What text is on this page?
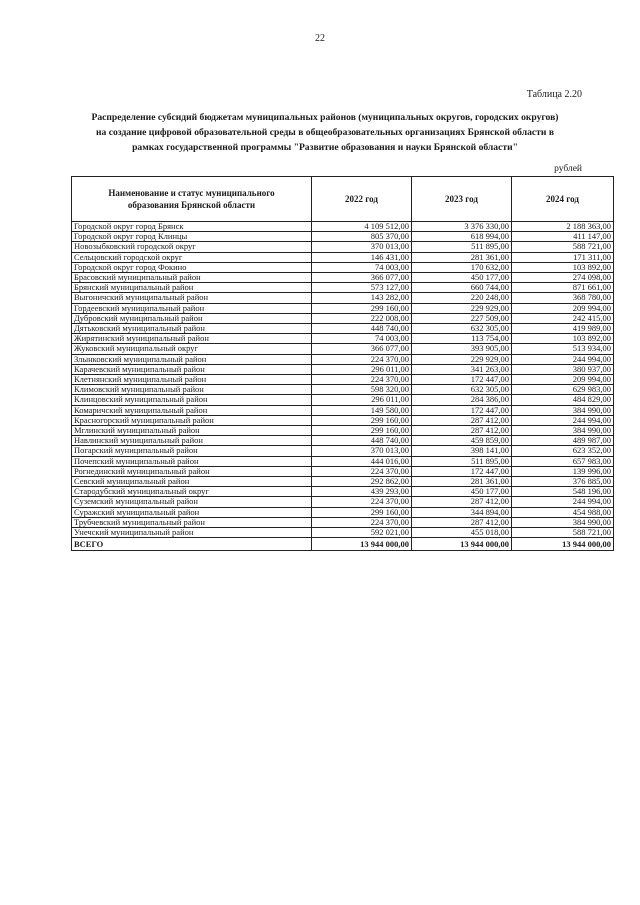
22
Таблица 2.20
Распределение субсидий бюджетам муниципальных районов (муниципальных округов, городских округов)
на создание цифровой образовательной среды в общеобразовательных организациях Брянской области в
рамках государственной программы "Развитие образования и науки Брянской области"
рублей
Наименование и статус муниципального
образования Брянской области	2022 год	2023 год	2024 год
Городской округ город Брянск	4 109 512,00	3 376 330,00	2 188 363,00
Городской округ город Клинцы	805 370,00	618 994,00	411 147,00
Новозыбковский городской округ	370 013,00	511 895,00	588 721,00
Сельцовский городской округ	146 431,00	281 361,00	171 311,00
Городской округ город Фокино	74 003,00	170 632,00	103 892,00
Брасовский муниципальный район	366 077,00	450 177,00	274 098,00
Брянский муниципальный район	573 127,00	660 744,00	871 661,00
Выгоничский муниципальный район	143 282,00	220 248,00	368 780,00
Гордеевский муниципальный район	299 160,00	229 929,00	209 994,00
Дубровский муниципальный район	222 008,00	227 509,00	242 415,00
Дятьковский муниципальный район	448 740,00	632 305,00	419 989,00
Жирятинский муниципальный район	74 003,00	113 754,00	103 892,00
Жуковский муниципальный округ	366 077,00	393 905,00	513 934,00
Злынковский муниципальный район	224 370,00	229 929,00	244 994,00
Карачевский муниципальный район	296 011,00	341 263,00	380 937,00
Клетнянский муниципальный район	224 370,00	172 447,00	209 994,00
Климовский муниципальный район	598 320,00	632 305,00	629 983,00
Клинцовский муниципальный район	296 011,00	284 386,00	484 829,00
Комаричский муниципальный район	149 580,00	172 447,00	384 990,00
Красногорский муниципальный район	299 160,00	287 412,00	244 994,00
Мглинский муниципальный район	299 160,00	287 412,00	384 990,00
Навлинский муниципальный район	448 740,00	459 859,00	489 987,00
Погарский муниципальный район	370 013,00	398 141,00	623 352,00
Почепский муниципальный район	444 016,00	511 895,00	657 983,00
Рогнединский муниципальный район	224 370,00	172 447,00	139 996,00
Севский муниципальный район	292 862,00	281 361,00	376 885,00
Стародубский муниципальный округ	439 293,00	450 177,00	548 196,00
Суземский муниципальный район	224 370,00	287 412,00	244 994,00
Суражский муниципальный район	299 160,00	344 894,00	454 988,00
Трубчевский муниципальный район	224 370,00	287 412,00	384 990,00
Унечский муниципальный район	592 021,00	455 018,00	588 721,00
ВСЕГО	13 944 000,00	13 944 000,00	13 944 000,00
